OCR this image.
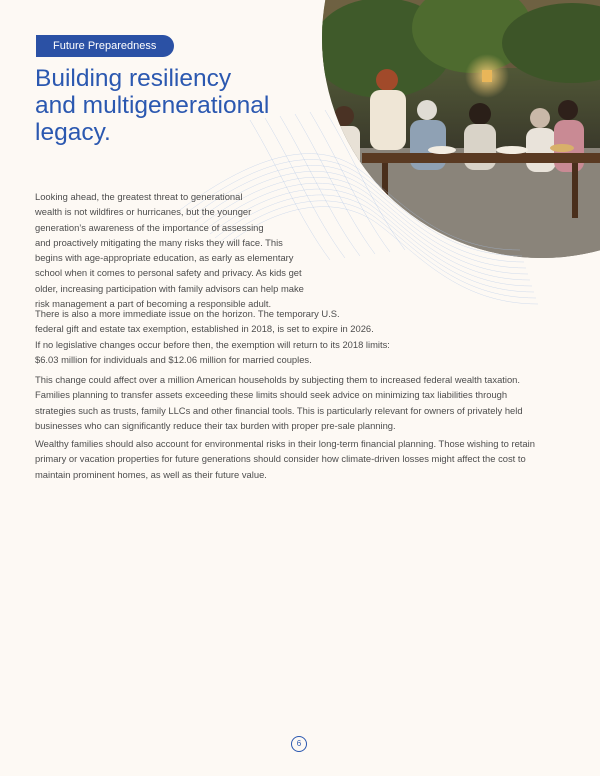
Future Preparedness
Building resiliency
and multigenerational
legacy.

Looking ahead, the greatest threat to generational
wealth is not wildfires or hurricanes, but the younger
generation’s awareness of the importance of assessing
and proactively mitigating the many risks they will face. This
begins with age-appropriate education, as early as elementary
school when it comes to personal safety and privacy. As kids get
older, increasing participation with family advisors can help make
risk management a part of becoming a responsible adult.

There is also a more immediate issue on the horizon. The temporary U.S.
federal gift and estate tax exemption, established in 2018, is set to expire in 2026.
If no legislative changes occur before then, the exemption will return to its 2018 limits:
$6.03 million for individuals and $12.06 million for married couples.

This change could affect over a million American households by subjecting them to increased federal wealth taxation.
Families planning to transfer assets exceeding these limits should seek advice on minimizing tax liabilities through
strategies such as trusts, family LLCs and other financial tools. This is particularly relevant for owners of privately held
businesses who can significantly reduce their tax burden with proper pre-sale planning.

Wealthy families should also account for environmental risks in their long-term financial planning. Those wishing to retain
primary or vacation properties for future generations should consider how climate-driven losses might affect the cost to
maintain prominent homes, as well as their future value.

6
